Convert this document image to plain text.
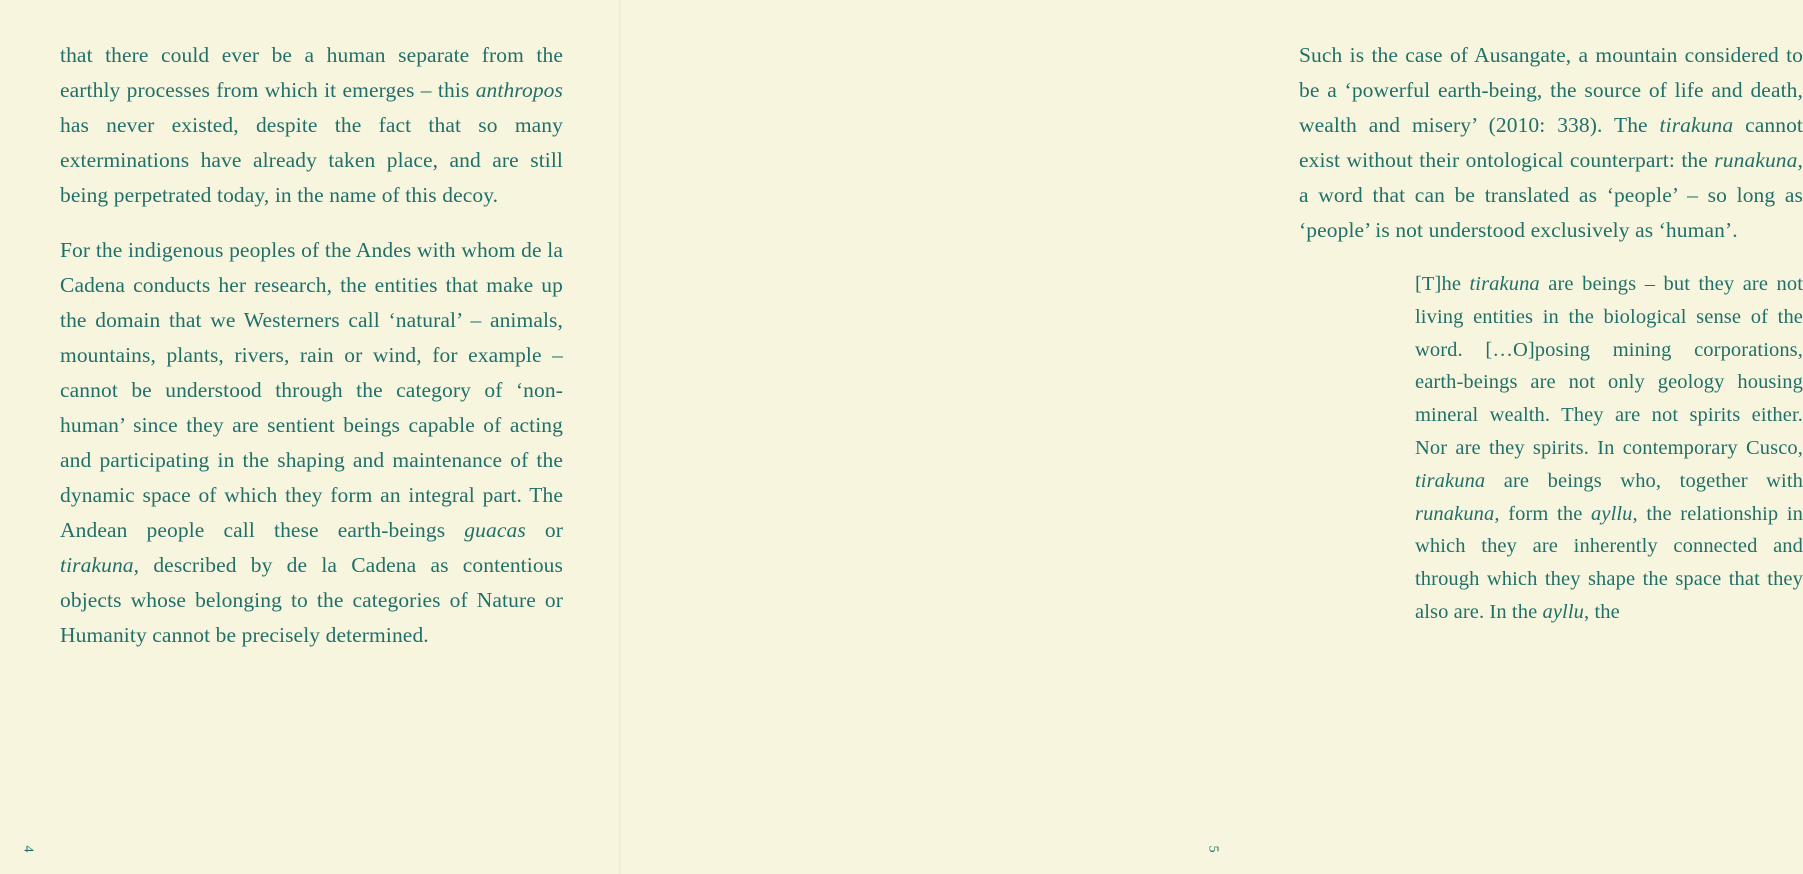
that there could ever be a human separate from the earthly processes from which it emerges – this anthropos has never existed, despite the fact that so many exterminations have already taken place, and are still being perpetrated today, in the name of this decoy.

For the indigenous peoples of the Andes with whom de la Cadena conducts her research, the entities that make up the domain that we Westerners call ‘natural’ – animals, mountains, plants, rivers, rain or wind, for example – cannot be understood through the category of ‘non-human’ since they are sentient beings capable of acting and participating in the shaping and maintenance of the dynamic space of which they form an integral part. The Andean people call these earth-beings guacas or tirakuna, described by de la Cadena as contentious objects whose belonging to the categories of Nature or Humanity cannot be precisely determined.

4

Such is the case of Ausangate, a mountain considered to be a ‘powerful earth-being, the source of life and death, wealth and misery’ (2010: 338). The tirakuna cannot exist without their ontological counterpart: the runakuna, a word that can be translated as ‘people’ – so long as ‘people’ is not understood exclusively as ‘human’.

[T]he tirakuna are beings – but they are not living entities in the biological sense of the word. […O]posing mining corporations, earth-beings are not only geology housing mineral wealth. They are not spirits either. Nor are they spirits. In contemporary Cusco, tirakuna are beings who, together with runakuna, form the ayllu, the relationship in which they are inherently connected and through which they shape the space that they also are. In the ayllu, the
5
